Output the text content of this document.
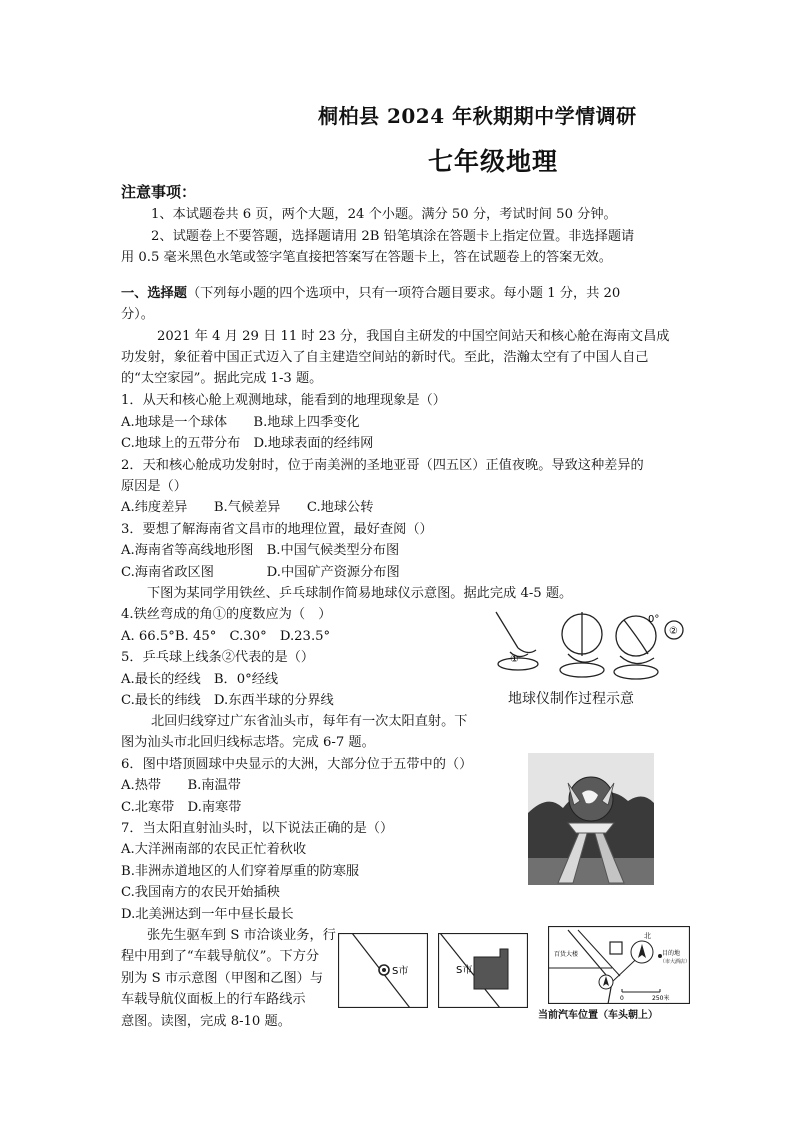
桐柏县 2024 年秋期期中学情调研
七年级地理
注意事项：
1、本试题卷共 6 页，两个大题，24 个小题。满分 50 分，考试时间 50 分钟。
2、试题卷上不要答题，选择题请用 2B 铅笔填涂在答题卡上指定位置。非选择题请
用 0.5 毫米黑色水笔或签字笔直接把答案写在答题卡上，答在试题卷上的答案无效。
一、选择题（下列每小题的四个选项中，只有一项符合题目要求。每小题 1 分，共 20
分）。
2021 年 4 月 29 日 11 时 23 分，我国自主研发的中国空间站天和核心舱在海南文昌成
功发射，象征着中国正式迈入了自主建造空间站的新时代。至此，浩瀚太空有了中国人自己
的“太空家园”。据此完成 1-3 题。
1．从天和核心舱上观测地球，能看到的地理现象是（）
A.地球是一个球体　　B.地球上四季变化
C.地球上的五带分布　D.地球表面的经纬网
2．天和核心舱成功发射时，位于南美洲的圣地亚哥（四五区）正值夜晚。导致这种差异的
原因是（）
A.纬度差异　　B.气候差异　　C.地球公转
3．要想了解海南省文昌市的地理位置，最好查阅（）
A.海南省等高线地形图　B.中国气候类型分布图
C.海南省政区图　　　　D.中国矿产资源分布图
下图为某同学用铁丝、乒乓球制作简易地球仪示意图。据此完成 4-5 题。
4.铁丝弯成的角①的度数应为（　）
A. 66.5°B. 45°　C.30°　D.23.5°
5．乒乓球上线条②代表的是（）
A.最长的经线　B．0°经线
C.最长的纬线　D.东西半球的分界线
①
②
0°
地球仪制作过程示意
北回归线穿过广东省汕头市，每年有一次太阳直射。下
图为汕头市北回归线标志塔。完成 6-7 题。
6．图中塔顶圆球中央显示的大洲，大部分位于五带中的（）
A.热带　　B.南温带
C.北寒带　D.南寒带
7．当太阳直射汕头时，以下说法正确的是（）
A.大洋洲南部的农民正忙着秋收
B.非洲赤道地区的人们穿着厚重的防寒服
C.我国南方的农民开始插秧
D.北美洲达到一年中昼长最长
张先生驱车到 S 市洽谈业务，行
程中用到了“车载导航仪”。下方分
别为 S 市示意图（甲图和乙图）与
车载导航仪面板上的行车路线示
意图。读图，完成 8-10 题。
S市	S市
北
百货大楼	目的地
（市大酒店）
0	250米
当前汽车位置（车头朝上）
